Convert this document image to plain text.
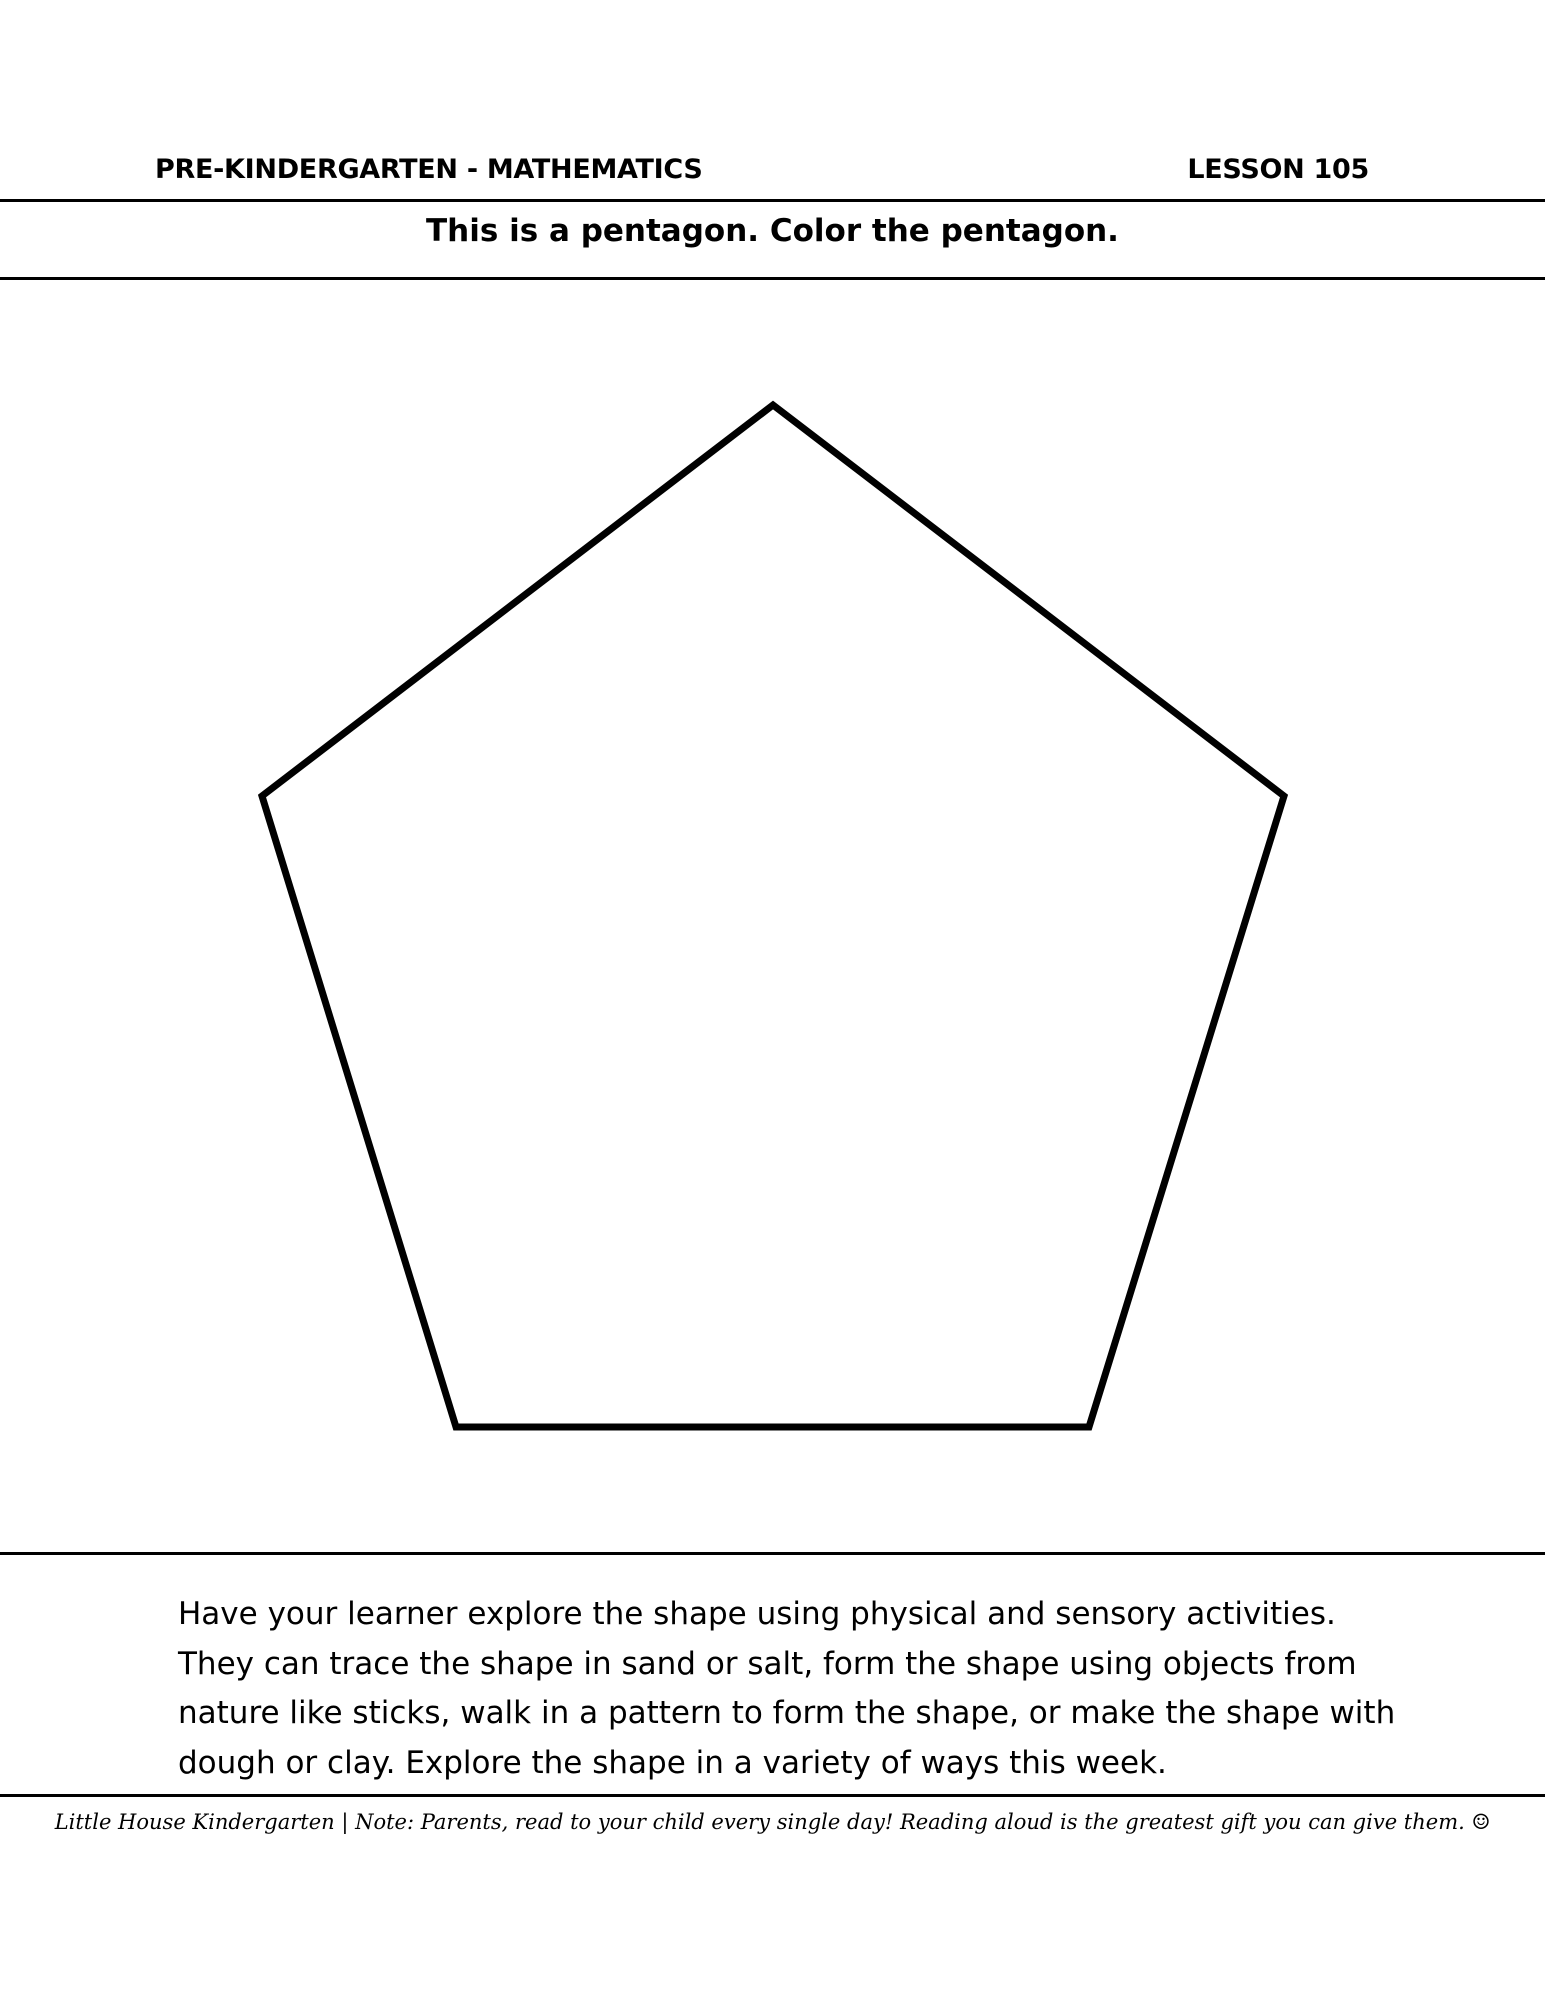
PRE-KINDERGARTEN - MATHEMATICS	LESSON 105
This is a pentagon. Color the pentagon.
Have your learner explore the shape using physical and sensory activities. They can trace the shape in sand or salt, form the shape using objects from nature like sticks, walk in a pattern to form the shape, or make the shape with dough or clay. Explore the shape in a variety of ways this week.
Little House Kindergarten | Note: Parents, read to your child every single day! Reading aloud is the greatest gift you can give them. ☺
